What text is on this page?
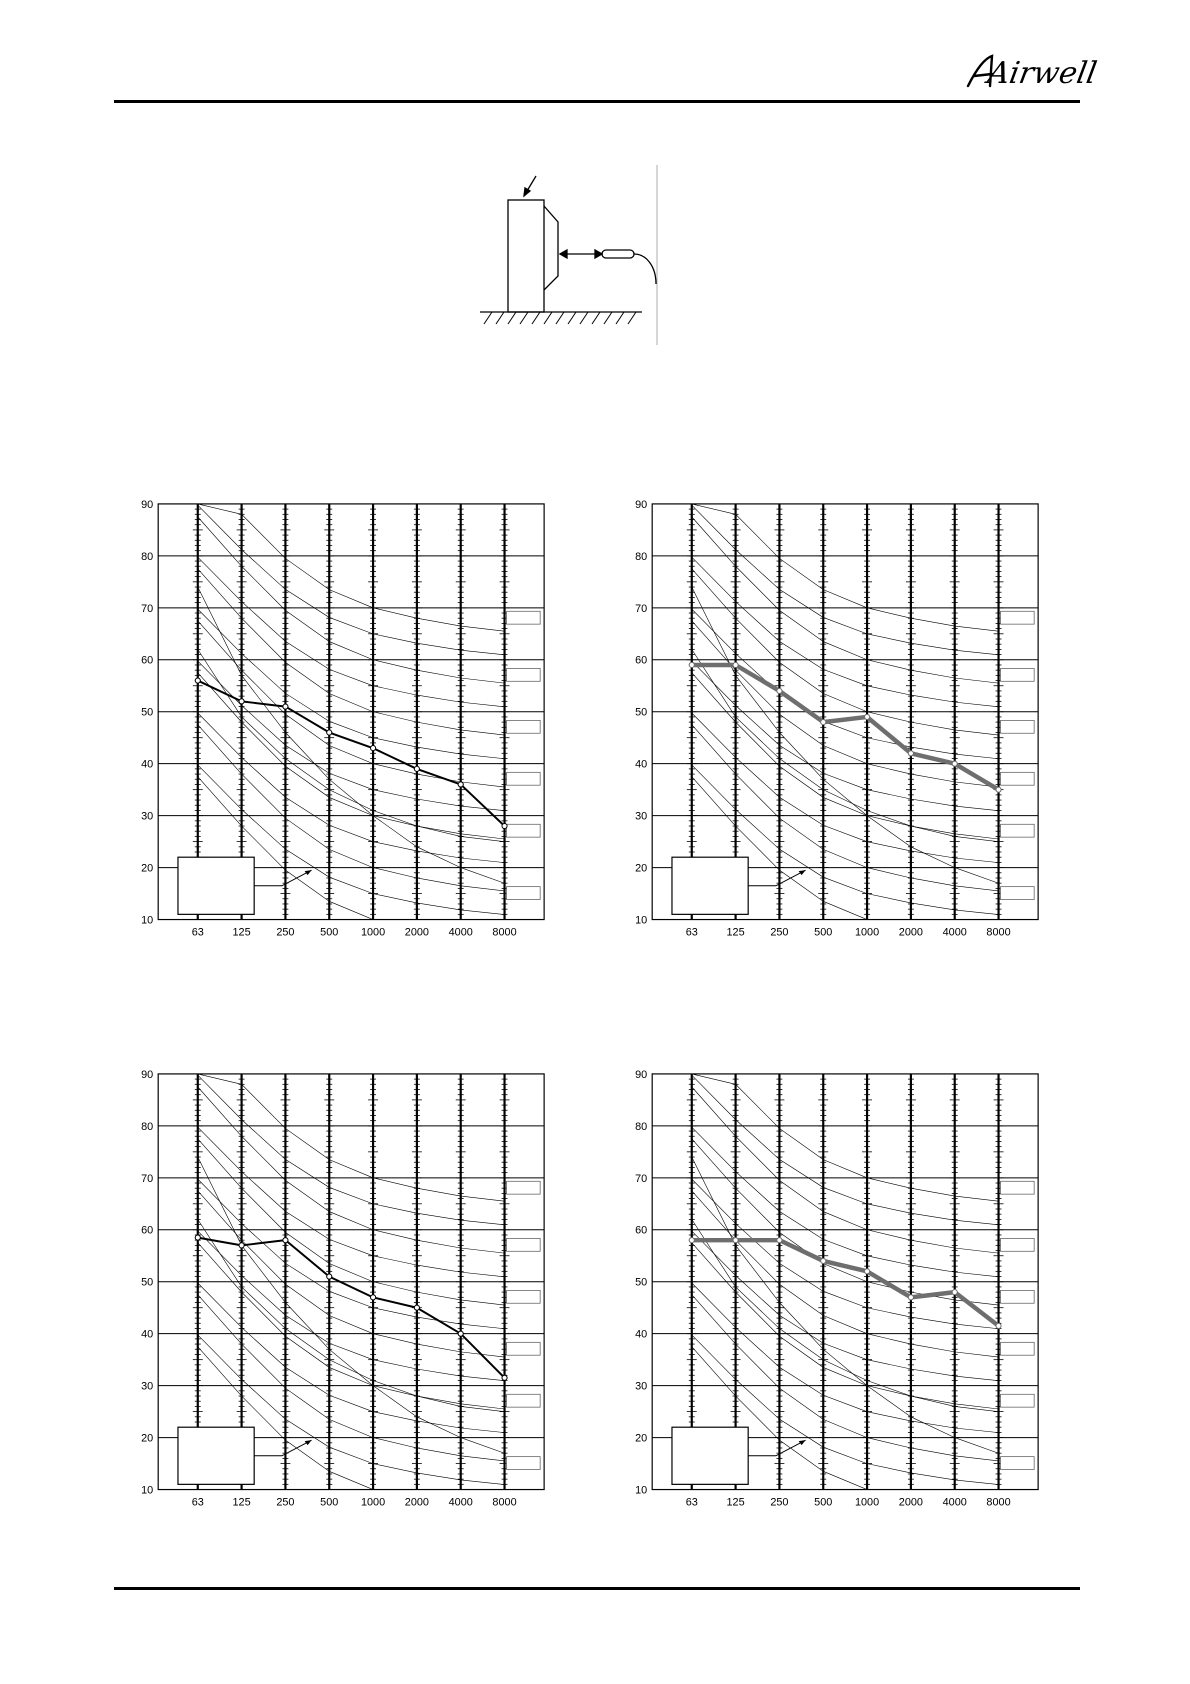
Airwell
10
20
30
40
50
60
70
80
90
63	125 250 500 1000 2000 4000 8000
10
20
30
40
50
60
70
80
90
63	125 250 500 1000 2000 4000 8000
10
20
30
40
50
60
70
80
90
63	125 250 500 1000 2000 4000 8000
10
20
30
40
50
60
70
80
90
63	125 250 500 1000 2000 4000 8000
